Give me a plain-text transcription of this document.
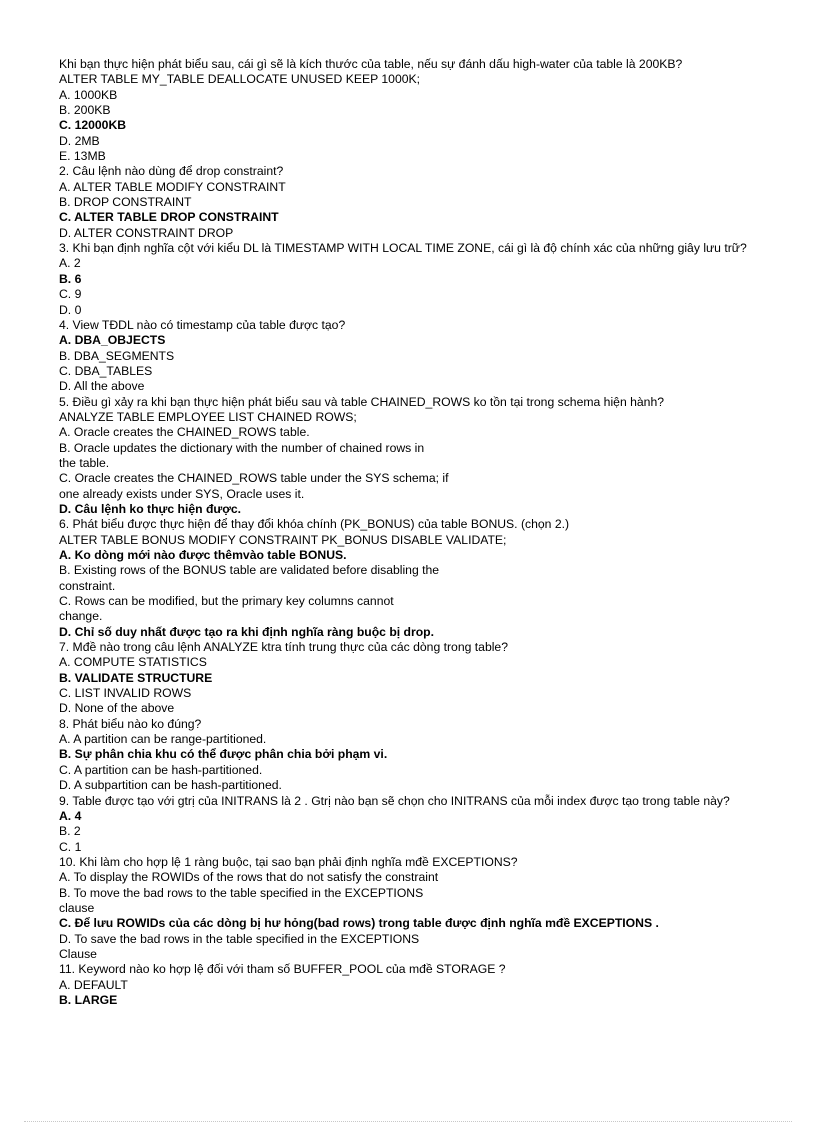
Khi bạn thực hiện phát biểu sau, cái gì sẽ là kích thước của table, nếu sự đánh dấu high-water của table là 200KB?
ALTER TABLE MY_TABLE DEALLOCATE UNUSED KEEP 1000K;
A. 1000KB
B. 200KB
C. 12000KB
D. 2MB
E. 13MB
2. Câu lệnh nào dùng để drop constraint?
A. ALTER TABLE MODIFY CONSTRAINT
B. DROP CONSTRAINT
C. ALTER TABLE DROP CONSTRAINT
D. ALTER CONSTRAINT DROP
3. Khi bạn định nghĩa cột với kiểu DL là TIMESTAMP WITH LOCAL TIME ZONE, cái gì là độ chính xác của những giây lưu trữ?
A. 2
B. 6
C. 9
D. 0
4. View TĐDL nào có timestamp của table được tạo?
A. DBA_OBJECTS
B. DBA_SEGMENTS
C. DBA_TABLES
D. All the above
5. Điều gì xảy ra khi bạn thực hiện phát biểu sau và table CHAINED_ROWS ko tồn tại trong schema hiện hành?
ANALYZE TABLE EMPLOYEE LIST CHAINED ROWS;
A. Oracle creates the CHAINED_ROWS table.
B. Oracle updates the dictionary with the number of chained rows in
the table.
C. Oracle creates the CHAINED_ROWS table under the SYS schema; if
one already exists under SYS, Oracle uses it.
D. Câu lệnh ko thực hiện được.
6. Phát biểu được thực hiện để thay đổi khóa chính (PK_BONUS) của table BONUS. (chọn 2.)
ALTER TABLE BONUS MODIFY CONSTRAINT PK_BONUS DISABLE VALIDATE;
A. Ko dòng mới nào được thêmvào table BONUS.
B. Existing rows of the BONUS table are validated before disabling the
constraint.
C. Rows can be modified, but the primary key columns cannot
change.
D. Chỉ số duy nhất được tạo ra khi định nghĩa ràng buộc bị drop.
7. Mđề nào trong câu lệnh ANALYZE ktra tính trung thực của các dòng trong table?
A. COMPUTE STATISTICS
B. VALIDATE STRUCTURE
C. LIST INVALID ROWS
D. None of the above
8. Phát biểu nào ko đúng?
A. A partition can be range-partitioned.
B. Sự phân chia khu có thể được phân chia bởi phạm vi.
C. A partition can be hash-partitioned.
D. A subpartition can be hash-partitioned.
9. Table được tạo với gtrị của INITRANS là 2 . Gtrị nào bạn sẽ chọn cho INITRANS của mỗi index được tạo trong table này?
A. 4
B. 2
C. 1
10. Khi làm cho hợp lệ 1 ràng buộc, tại sao bạn phải định nghĩa mđề EXCEPTIONS?
A. To display the ROWIDs of the rows that do not satisfy the constraint
B. To move the bad rows to the table specified in the EXCEPTIONS
clause
C. Để lưu ROWIDs của các dòng bị hư hỏng(bad rows) trong table được định nghĩa mđề EXCEPTIONS .
D. To save the bad rows in the table specified in the EXCEPTIONS
Clause
11. Keyword nào ko hợp lệ đối với tham số BUFFER_POOL của mđề STORAGE ?
A. DEFAULT
B. LARGE
